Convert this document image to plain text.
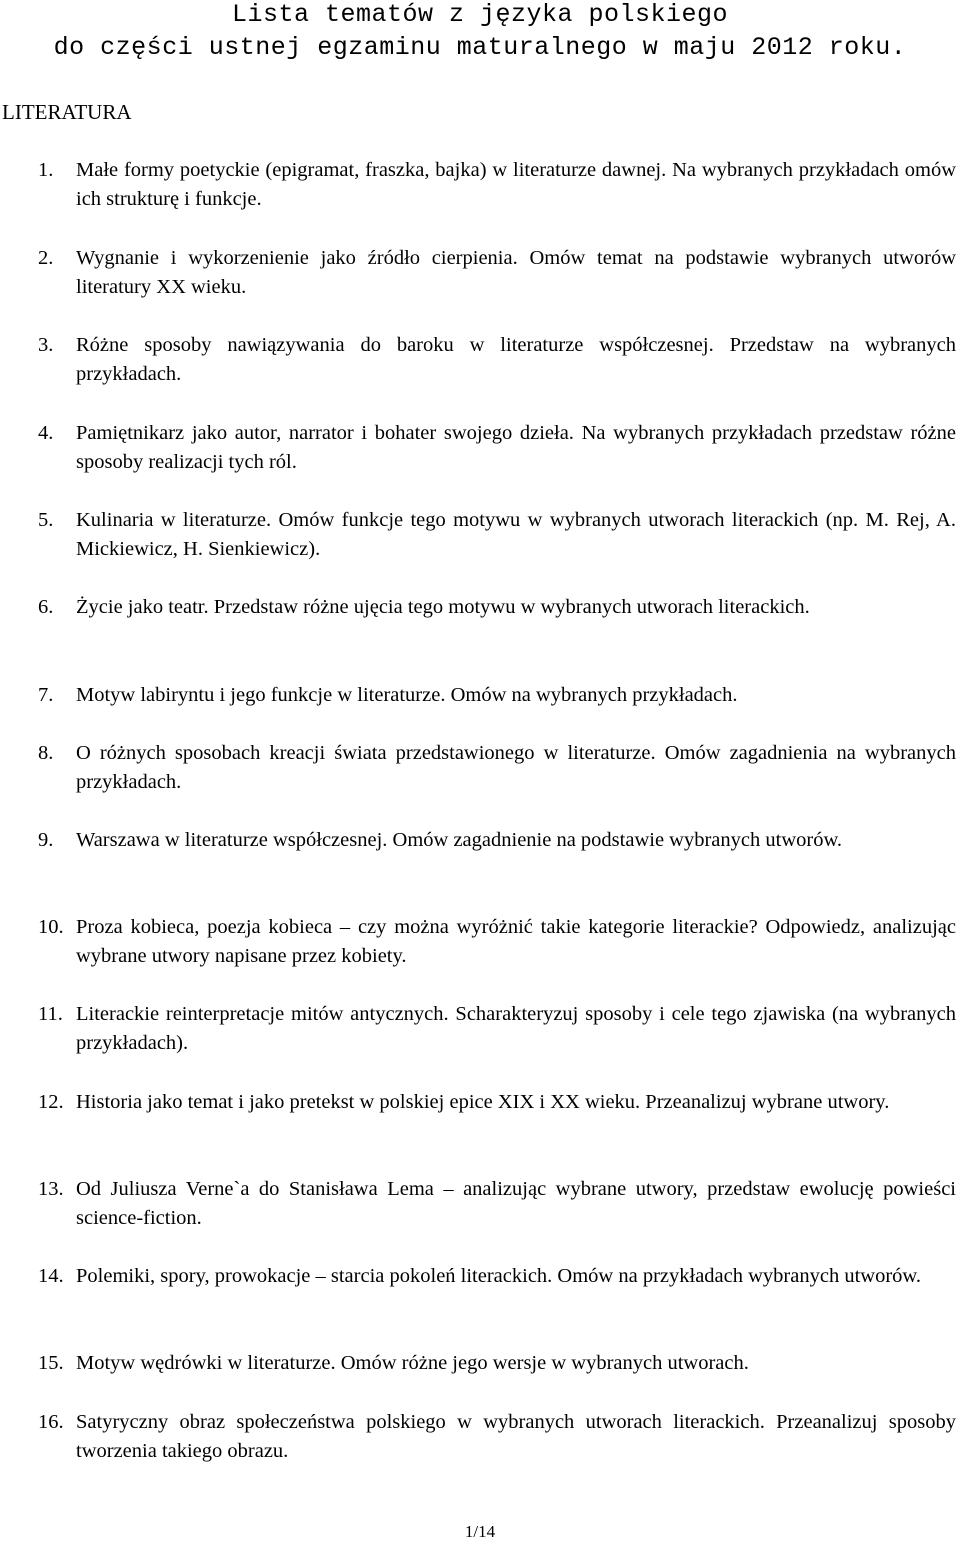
Lista tematów z języka polskiego
do części ustnej egzaminu maturalnego w maju 2012 roku.
LITERATURA
1. Małe formy poetyckie (epigramat, fraszka, bajka) w literaturze dawnej. Na wybranych przykładach omów ich strukturę i funkcje.
2. Wygnanie i wykorzenienie jako źródło cierpienia. Omów temat na podstawie wybranych utworów literatury XX wieku.
3. Różne sposoby nawiązywania do baroku w literaturze współczesnej. Przedstaw na wybranych przykładach.
4. Pamiętnikarz jako autor, narrator i bohater swojego dzieła. Na wybranych przykładach przedstaw różne sposoby realizacji tych ról.
5. Kulinaria w literaturze. Omów funkcje tego motywu w wybranych utworach literackich (np. M. Rej, A. Mickiewicz, H. Sienkiewicz).
6. Życie jako teatr. Przedstaw różne ujęcia tego motywu w wybranych utworach literackich.
7. Motyw labiryntu i jego funkcje w literaturze. Omów na wybranych przykładach.
8. O różnych sposobach kreacji świata przedstawionego w literaturze. Omów zagadnienia na wybranych przykładach.
9. Warszawa w literaturze współczesnej. Omów zagadnienie na podstawie wybranych utworów.
10. Proza kobieca, poezja kobieca – czy można wyróżnić takie kategorie literackie? Odpowiedz, analizując wybrane utwory napisane przez kobiety.
11. Literackie reinterpretacje mitów antycznych. Scharakteryzuj sposoby i cele tego zjawiska (na wybranych przykładach).
12. Historia jako temat i jako pretekst w polskiej epice XIX i XX wieku. Przeanalizuj wybrane utwory.
13. Od Juliusza Verne`a do Stanisława Lema – analizując wybrane utwory, przedstaw ewolucję powieści science-fiction.
14. Polemiki, spory, prowokacje – starcia pokoleń literackich. Omów na przykładach wybranych utworów.
15. Motyw wędrówki w literaturze. Omów różne jego wersje w wybranych utworach.
16. Satyryczny obraz społeczeństwa polskiego w wybranych utworach literackich. Przeanalizuj sposoby tworzenia takiego obrazu.
1/14
